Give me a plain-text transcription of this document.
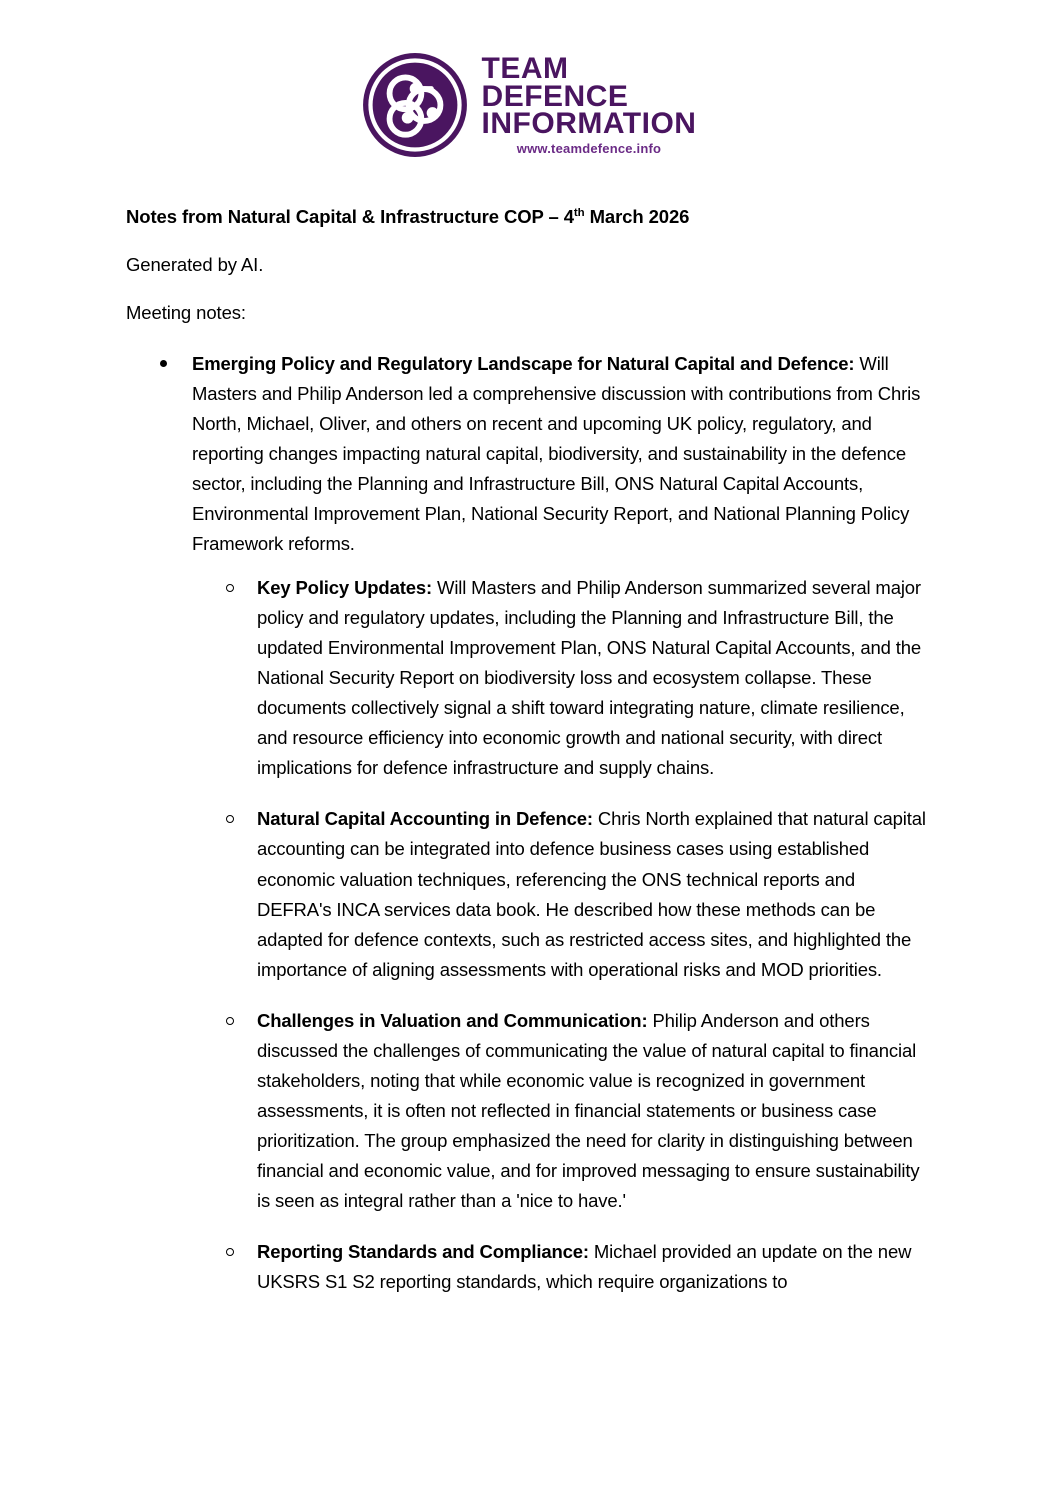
TEAM
DEFENCE
INFORMATION
www.teamdefence.info
Notes from Natural Capital & Infrastructure COP – 4th March 2026

Generated by AI.

Meeting notes:

Emerging Policy and Regulatory Landscape for Natural Capital and Defence: Will Masters and Philip Anderson led a comprehensive discussion with contributions from Chris North, Michael, Oliver, and others on recent and upcoming UK policy, regulatory, and reporting changes impacting natural capital, biodiversity, and sustainability in the defence sector, including the Planning and Infrastructure Bill, ONS Natural Capital Accounts, Environmental Improvement Plan, National Security Report, and National Planning Policy Framework reforms.
Key Policy Updates: Will Masters and Philip Anderson summarized several major policy and regulatory updates, including the Planning and Infrastructure Bill, the updated Environmental Improvement Plan, ONS Natural Capital Accounts, and the National Security Report on biodiversity loss and ecosystem collapse. These documents collectively signal a shift toward integrating nature, climate resilience, and resource efficiency into economic growth and national security, with direct implications for defence infrastructure and supply chains.
Natural Capital Accounting in Defence: Chris North explained that natural capital accounting can be integrated into defence business cases using established economic valuation techniques, referencing the ONS technical reports and DEFRA's INCA services data book. He described how these methods can be adapted for defence contexts, such as restricted access sites, and highlighted the importance of aligning assessments with operational risks and MOD priorities.
Challenges in Valuation and Communication: Philip Anderson and others discussed the challenges of communicating the value of natural capital to financial stakeholders, noting that while economic value is recognized in government assessments, it is often not reflected in financial statements or business case prioritization. The group emphasized the need for clarity in distinguishing between financial and economic value, and for improved messaging to ensure sustainability is seen as integral rather than a 'nice to have.'
Reporting Standards and Compliance: Michael provided an update on the new UKSRS S1 S2 reporting standards, which require organizations to
